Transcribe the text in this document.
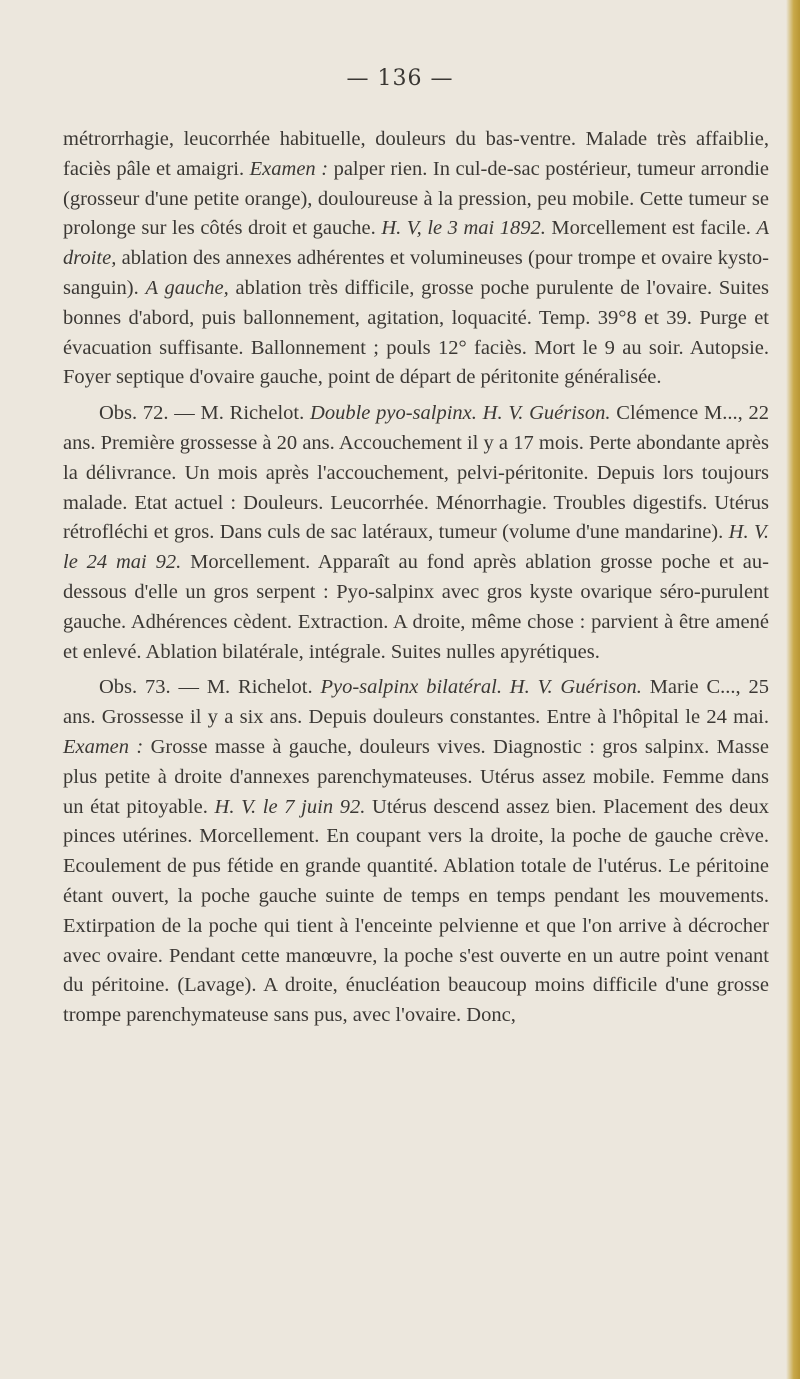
— 136 —

métrorrhagie, leucorrhée habituelle, douleurs du bas-ventre. Malade très affaiblie, faciès pâle et amaigri. Examen : palper rien. In cul-de-sac postérieur, tumeur arrondie (grosseur d'une petite orange), douloureuse à la pression, peu mobile. Cette tumeur se prolonge sur les côtés droit et gauche. H. V, le 3 mai 1892. Morcellement est facile. A droite, ablation des annexes adhérentes et volumineuses (pour trompe et ovaire kysto-sanguin). A gauche, ablation très difficile, grosse poche purulente de l'ovaire. Suites bonnes d'abord, puis ballonnement, agitation, loquacité. Temp. 39°8 et 39. Purge et évacuation suffisante. Ballonnement ; pouls 12° faciès. Mort le 9 au soir. Autopsie. Foyer septique d'ovaire gauche, point de départ de péritonite généralisée.

Obs. 72. — M. Richelot. Double pyo-salpinx. H. V. Guérison. Clémence M..., 22 ans. Première grossesse à 20 ans. Accouchement il y a 17 mois. Perte abondante après la délivrance. Un mois après l'accouchement, pelvi-péritonite. Depuis lors toujours malade. Etat actuel : Douleurs. Leucorrhée. Ménorrhagie. Troubles digestifs. Utérus rétrofléchi et gros. Dans culs de sac latéraux, tumeur (volume d'une mandarine). H. V. le 24 mai 92. Morcellement. Apparaît au fond après ablation grosse poche et au-dessous d'elle un gros serpent : Pyo-salpinx avec gros kyste ovarique séro-purulent gauche. Adhérences cèdent. Extraction. A droite, même chose : parvient à être amené et enlevé. Ablation bilatérale, intégrale. Suites nulles apyrétiques.

Obs. 73. — M. Richelot. Pyo-salpinx bilatéral. H. V. Guérison. Marie C..., 25 ans. Grossesse il y a six ans. Depuis douleurs constantes. Entre à l'hôpital le 24 mai. Examen : Grosse masse à gauche, douleurs vives. Diagnostic : gros salpinx. Masse plus petite à droite d'annexes parenchymateuses. Utérus assez mobile. Femme dans un état pitoyable. H. V. le 7 juin 92. Utérus descend assez bien. Placement des deux pinces utérines. Morcellement. En coupant vers la droite, la poche de gauche crève. Ecoulement de pus fétide en grande quantité. Ablation totale de l'utérus. Le péritoine étant ouvert, la poche gauche suinte de temps en temps pendant les mouvements. Extirpation de la poche qui tient à l'enceinte pelvienne et que l'on arrive à décrocher avec ovaire. Pendant cette manœuvre, la poche s'est ouverte en un autre point venant du péritoine. (Lavage). A droite, énucléation beaucoup moins difficile d'une grosse trompe parenchymateuse sans pus, avec l'ovaire. Donc,
